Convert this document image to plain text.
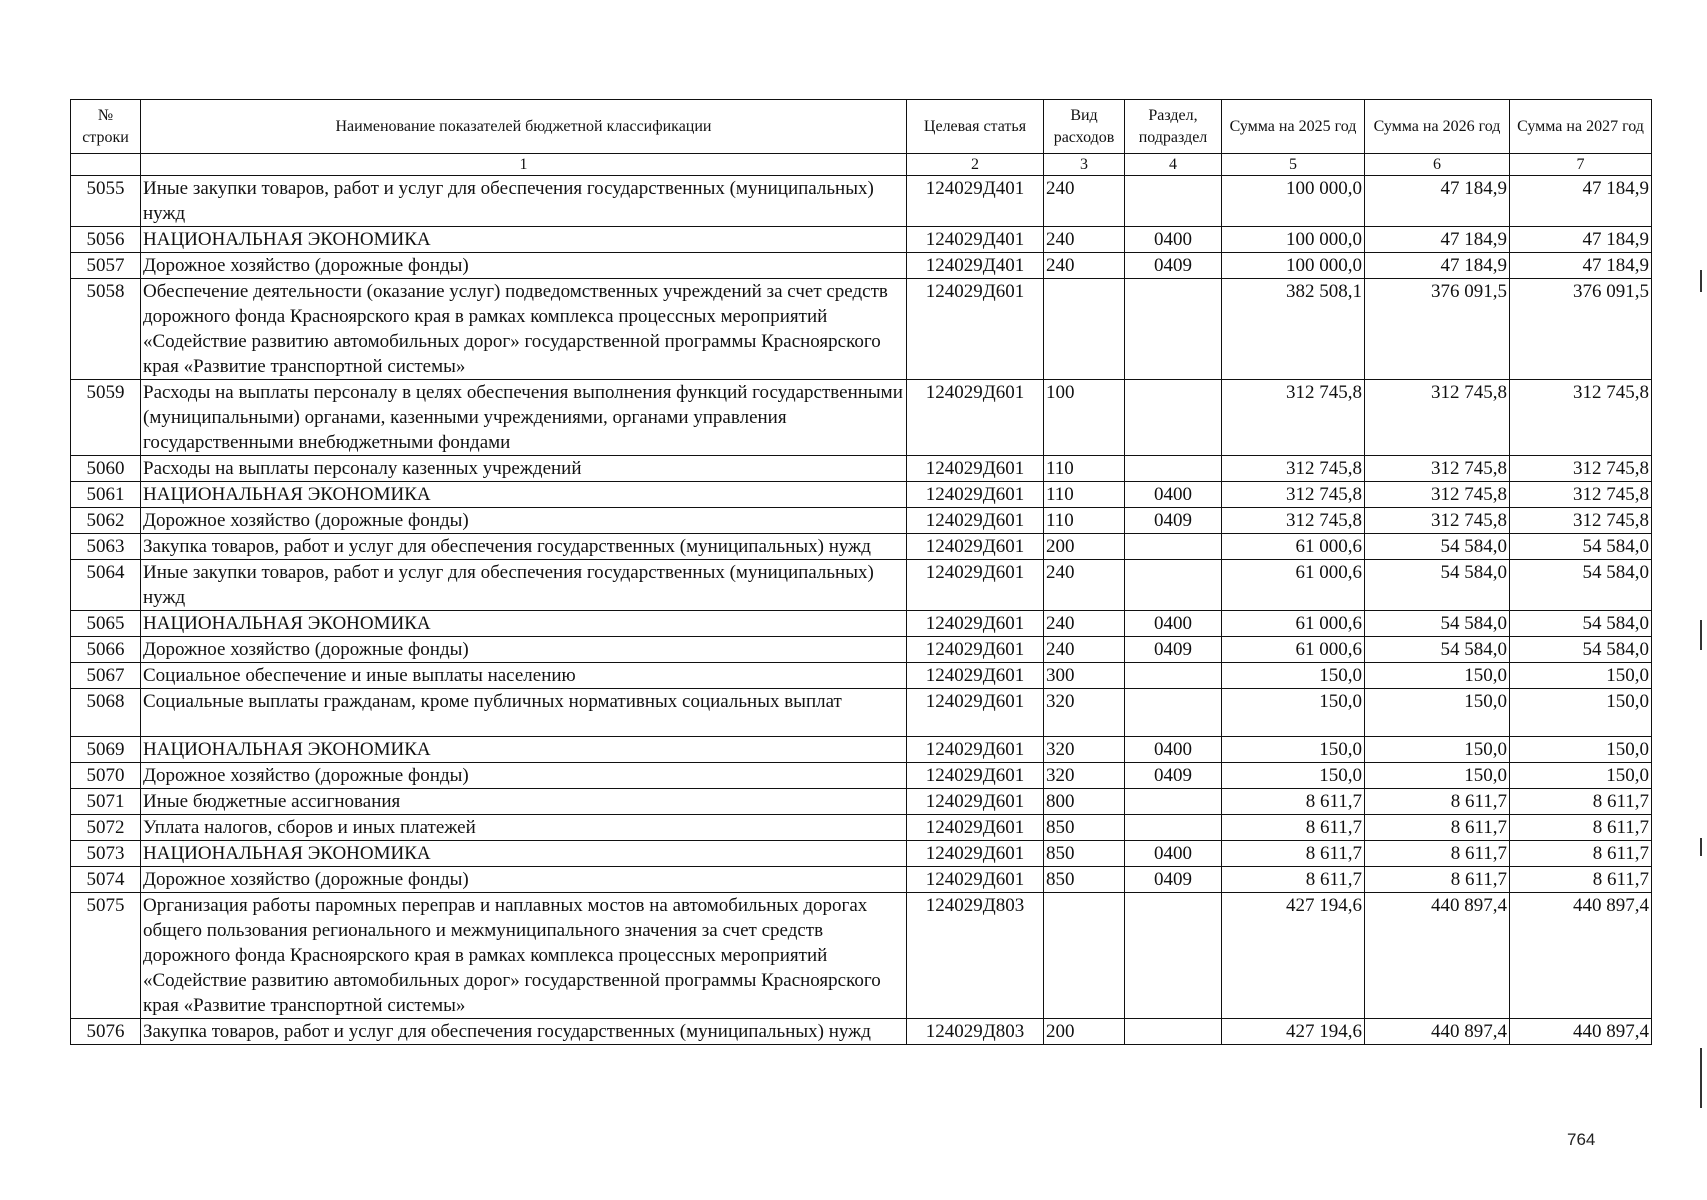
№
строки	Наименование показателей бюджетной классификации	Целевая статья	Вид расходов	Раздел, подраздел	Сумма на 2025 год	Сумма на 2026 год	Сумма на 2027 год
	1	2	3	4	5	6	7
5055	Иные закупки товаров, работ и услуг для обеспечения государственных (муниципальных) нужд	124029Д401	240		100 000,0	47 184,9	47 184,9
5056	НАЦИОНАЛЬНАЯ ЭКОНОМИКА	124029Д401	240	0400	100 000,0	47 184,9	47 184,9
5057	Дорожное хозяйство (дорожные фонды)	124029Д401	240	0409	100 000,0	47 184,9	47 184,9
5058	Обеспечение деятельности (оказание услуг) подведомственных учреждений за счет средств дорожного фонда Красноярского края в рамках комплекса процессных мероприятий «Содействие развитию автомобильных дорог» государственной программы Красноярского края «Развитие транспортной системы»	124029Д601			382 508,1	376 091,5	376 091,5
5059	Расходы на выплаты персоналу в целях обеспечения выполнения функций государственными (муниципальными) органами, казенными учреждениями, органами управления государственными внебюджетными фондами	124029Д601	100		312 745,8	312 745,8	312 745,8
5060	Расходы на выплаты персоналу казенных учреждений	124029Д601	110		312 745,8	312 745,8	312 745,8
5061	НАЦИОНАЛЬНАЯ ЭКОНОМИКА	124029Д601	110	0400	312 745,8	312 745,8	312 745,8
5062	Дорожное хозяйство (дорожные фонды)	124029Д601	110	0409	312 745,8	312 745,8	312 745,8
5063	Закупка товаров, работ и услуг для обеспечения государственных (муниципальных) нужд	124029Д601	200		61 000,6	54 584,0	54 584,0
5064	Иные закупки товаров, работ и услуг для обеспечения государственных (муниципальных) нужд	124029Д601	240		61 000,6	54 584,0	54 584,0
5065	НАЦИОНАЛЬНАЯ ЭКОНОМИКА	124029Д601	240	0400	61 000,6	54 584,0	54 584,0
5066	Дорожное хозяйство (дорожные фонды)	124029Д601	240	0409	61 000,6	54 584,0	54 584,0
5067	Социальное обеспечение и иные выплаты населению	124029Д601	300		150,0	150,0	150,0
5068	Социальные выплаты гражданам, кроме публичных нормативных социальных выплат	124029Д601	320		150,0	150,0	150,0
5069	НАЦИОНАЛЬНАЯ ЭКОНОМИКА	124029Д601	320	0400	150,0	150,0	150,0
5070	Дорожное хозяйство (дорожные фонды)	124029Д601	320	0409	150,0	150,0	150,0
5071	Иные бюджетные ассигнования	124029Д601	800		8 611,7	8 611,7	8 611,7
5072	Уплата налогов, сборов и иных платежей	124029Д601	850		8 611,7	8 611,7	8 611,7
5073	НАЦИОНАЛЬНАЯ ЭКОНОМИКА	124029Д601	850	0400	8 611,7	8 611,7	8 611,7
5074	Дорожное хозяйство (дорожные фонды)	124029Д601	850	0409	8 611,7	8 611,7	8 611,7
5075	Организация работы паромных переправ и наплавных мостов на автомобильных дорогах общего пользования регионального и межмуниципального значения за счет средств дорожного фонда Красноярского края в рамках комплекса процессных мероприятий «Содействие развитию автомобильных дорог» государственной программы Красноярского края «Развитие транспортной системы»	124029Д803			427 194,6	440 897,4	440 897,4
5076	Закупка товаров, работ и услуг для обеспечения государственных (муниципальных) нужд	124029Д803	200		427 194,6	440 897,4	440 897,4
764
